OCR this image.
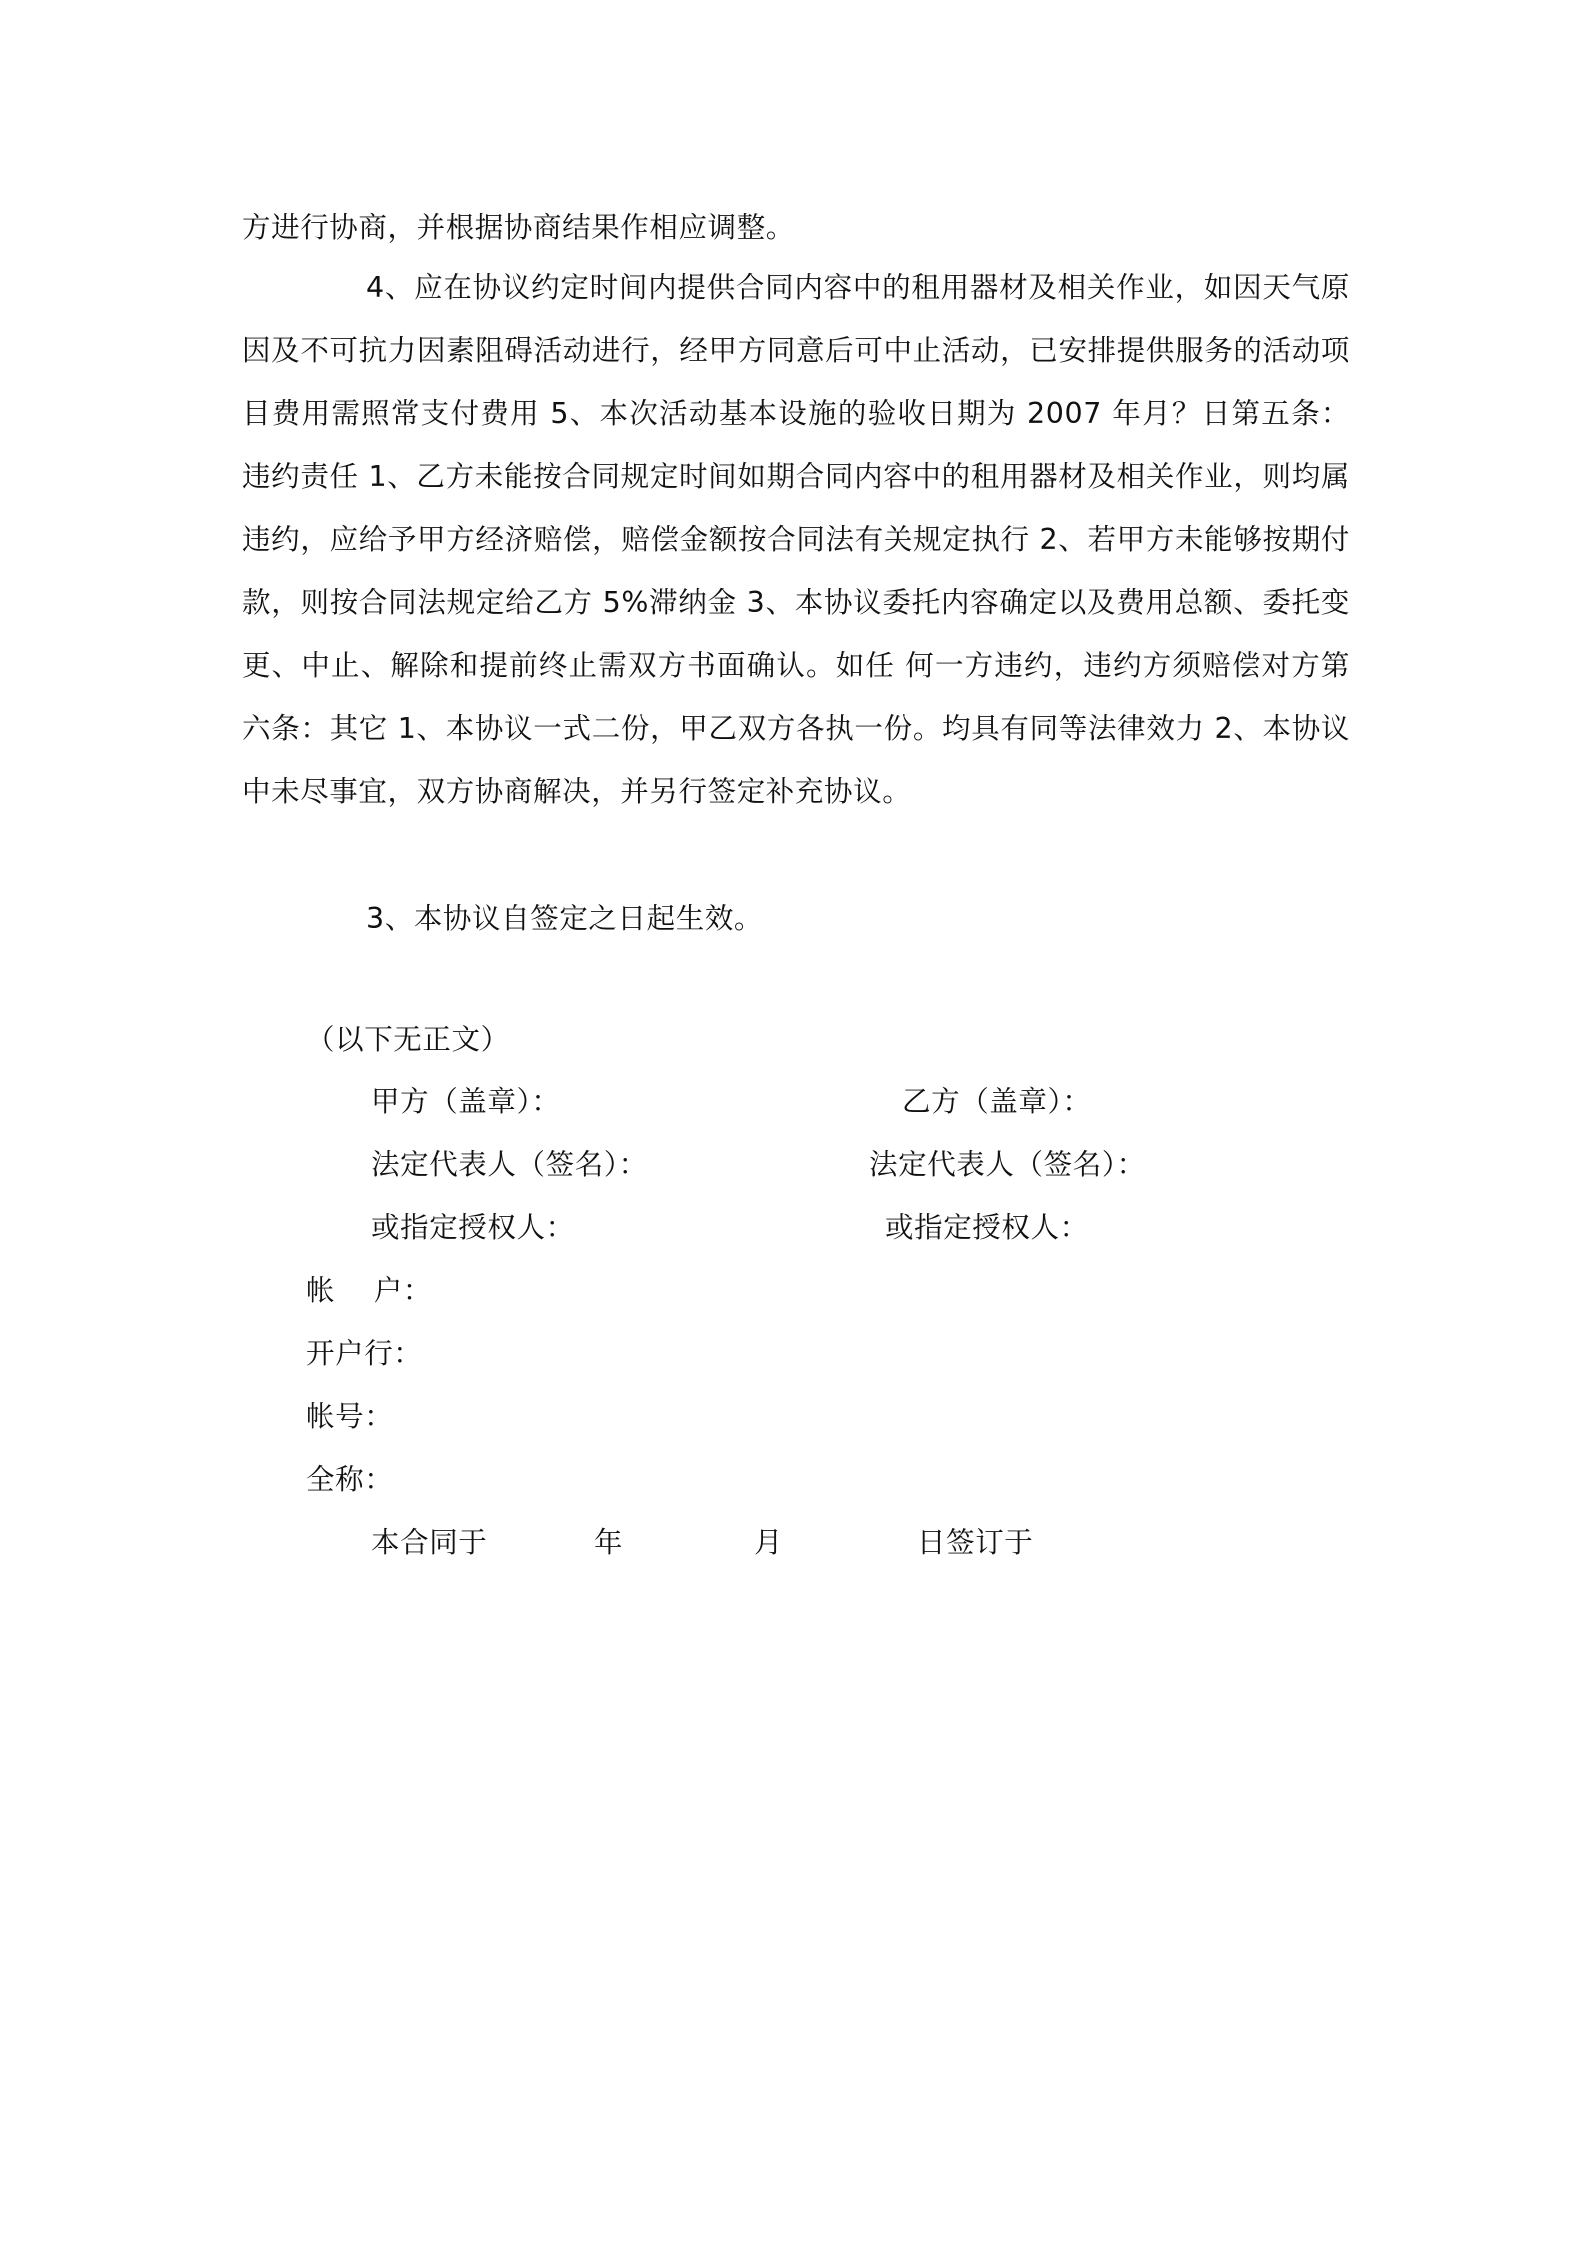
方进行协商，并根据协商结果作相应调整。

4、应在协议约定时间内提供合同内容中的租用器材及相关作业，如因天气原因及不可抗力因素阻碍活动进行，经甲方同意后可中止活动，已安排提供服务的活动项目费用需照常支付费用 5、本次活动基本设施的验收日期为 2007 年月？日第五条：违约责任 1、乙方未能按合同规定时间如期合同内容中的租用器材及相关作业，则均属违约，应给予甲方经济赔偿，赔偿金额按合同法有关规定执行 2、若甲方未能够按期付款，则按合同法规定给乙方 5%滞纳金 3、本协议委托内容确定以及费用总额、委托变更、中止、解除和提前终止需双方书面确认。如任 何一方违约，违约方须赔偿对方第六条：其它 1、本协议一式二份，甲乙双方各执一份。均具有同等法律效力 2、本协议中未尽事宜，双方协商解决，并另行签定补充协议。

3、本协议自签定之日起生效。

（以下无正文）
甲方（盖章）：	乙方（盖章）：
法定代表人（签名）：	法定代表人（签名）：
或指定授权人：	或指定授权人：
帐    户：
开户行：
帐号：
全称：
本合同于	年	月	日签订于
